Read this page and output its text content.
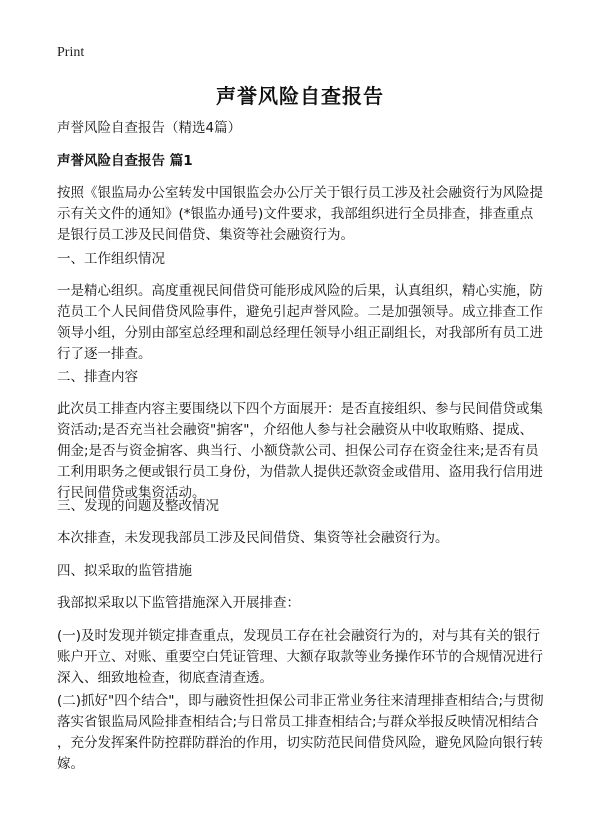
Print
声誉风险自查报告
声誉风险自查报告（精选4篇）
声誉风险自查报告 篇1
按照《银监局办公室转发中国银监会办公厅关于银行员工涉及社会融资行为风险提
示有关文件的通知》(*银监办通号)文件要求，我部组织进行全员排查，排查重点
是银行员工涉及民间借贷、集资等社会融资行为。
一、工作组织情况
一是精心组织。高度重视民间借贷可能形成风险的后果，认真组织，精心实施，防
范员工个人民间借贷风险事件，避免引起声誉风险。二是加强领导。成立排查工作
领导小组，分别由部室总经理和副总经理任领导小组正副组长，对我部所有员工进
行了逐一排查。
二、排查内容
此次员工排查内容主要围绕以下四个方面展开：是否直接组织、参与民间借贷或集
资活动;是否充当社会融资"掮客"，介绍他人参与社会融资从中收取贿赂、提成、
佣金;是否与资金掮客、典当行、小额贷款公司、担保公司存在资金往来;是否有员
工利用职务之便或银行员工身份，为借款人提供还款资金或借用、盗用我行信用进
行民间借贷或集资活动。
三、发现的问题及整改情况
本次排查，未发现我部员工涉及民间借贷、集资等社会融资行为。
四、拟采取的监管措施
我部拟采取以下监管措施深入开展排查：
(一)及时发现并锁定排查重点，发现员工存在社会融资行为的，对与其有关的银行
账户开立、对账、重要空白凭证管理、大额存取款等业务操作环节的合规情况进行
深入、细致地检查，彻底查清查透。
(二)抓好"四个结合"，即与融资性担保公司非正常业务往来清理排查相结合;与贯彻
落实省银监局风险排查相结合;与日常员工排查相结合;与群众举报反映情况相结合
，充分发挥案件防控群防群治的作用，切实防范民间借贷风险，避免风险向银行转
嫁。
